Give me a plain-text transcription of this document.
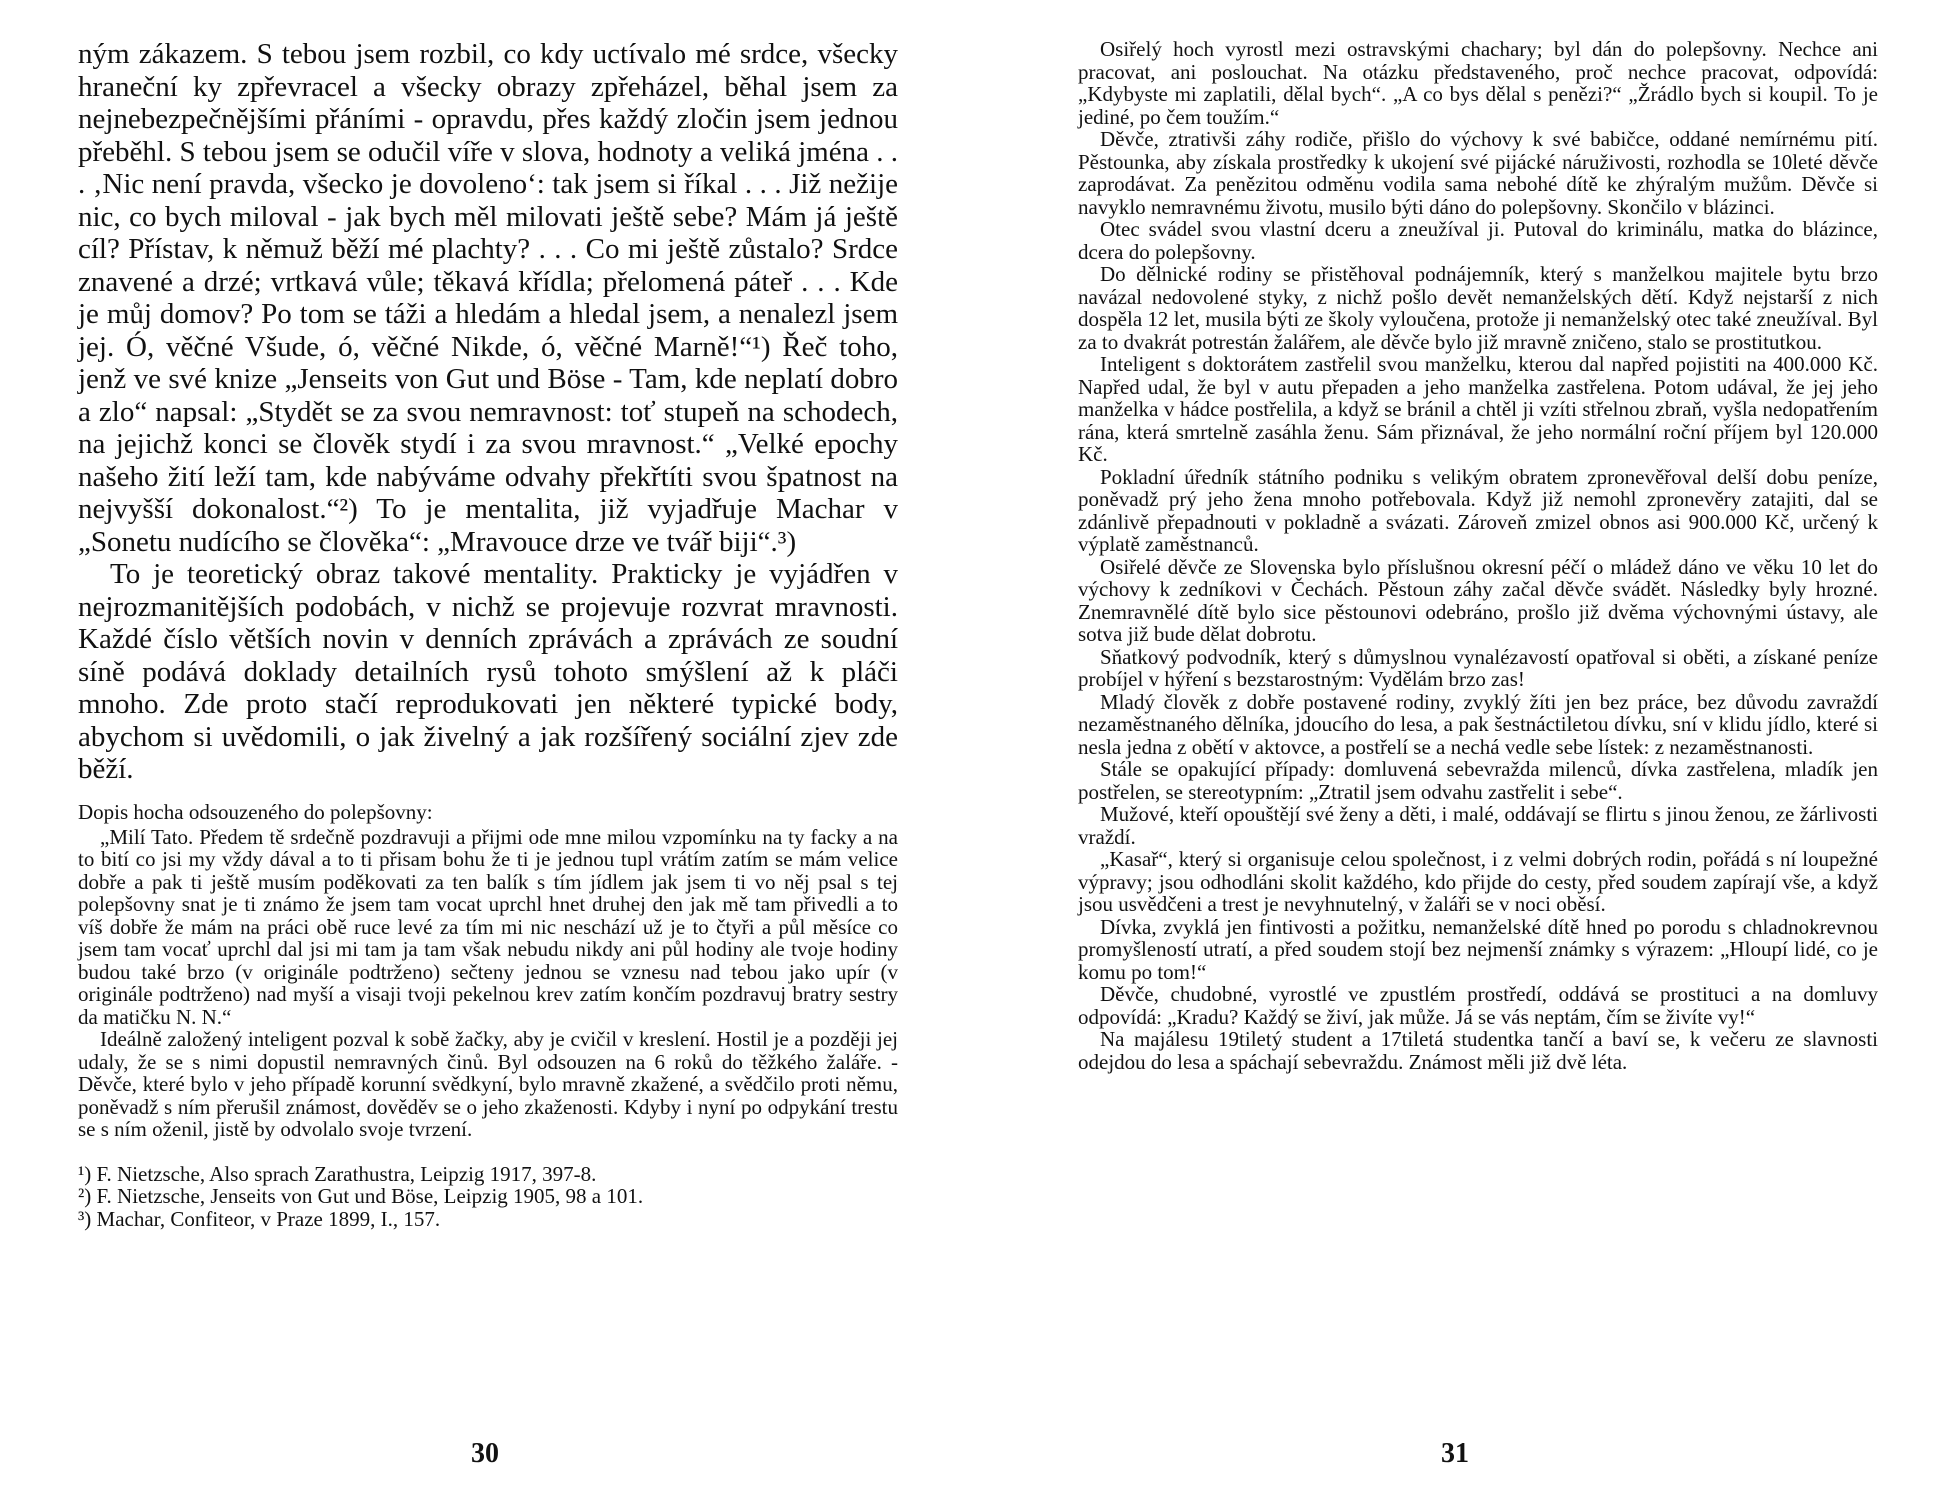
ným zákazem. S tebou jsem rozbil, co kdy uctívalo mé srdce, všecky hraneční ky zpřevracel a všecky obrazy zpřeházel, běhal jsem za nejnebezpečnějšími přáními - opravdu, přes každý zločin jsem jednou přeběhl. S tebou jsem se odučil víře v slova, hodnoty a veliká jména . . . ‚Nic není pravda, všecko je dovoleno‘: tak jsem si říkal . . . Již nežije nic, co bych miloval - jak bych měl milovati ještě sebe? Mám já ještě cíl? Přístav, k němuž běží mé plachty? . . . Co mi ještě zůstalo? Srdce znavené a drzé; vrtkavá vůle; těkavá křídla; přelomená páteř . . . Kde je můj domov? Po tom se táži a hledám a hledal jsem, a nenalezl jsem jej. Ó, věčné Všude, ó, věčné Nikde, ó, věčné Marně!“¹) Řeč toho, jenž ve své knize „Jenseits von Gut und Böse - Tam, kde neplatí dobro a zlo“ napsal: „Stydět se za svou nemravnost: toť stupeň na schodech, na jejichž konci se člověk stydí i za svou mravnost.“ „Velké epochy našeho žití leží tam, kde nabýváme odvahy překřtíti svou špatnost na nejvyšší dokonalost.“²) To je mentalita, již vyjadřuje Machar v „Sonetu nudícího se člověka“: „Mravouce drze ve tvář biji“.³)

To je teoretický obraz takové mentality. Prakticky je vyjádřen v nejrozmanitějších podobách, v nichž se projevuje rozvrat mravnosti. Každé číslo větších novin v denních zprávách a zprávách ze soudní síně podává doklady detailních rysů tohoto smýšlení až k pláči mnoho. Zde proto stačí reprodukovati jen některé typické body, abychom si uvědomili, o jak živelný a jak rozšířený sociální zjev zde běží.

Dopis hocha odsouzeného do polepšovny:

„Milí Tato. Předem tě srdečně pozdravuji a přijmi ode mne milou vzpomínku na ty facky a na to bití co jsi my vždy dával a to ti přisam bohu že ti je jednou tupl vrátím zatím se mám velice dobře a pak ti ještě musím poděkovati za ten balík s tím jídlem jak jsem ti vo něj psal s tej polepšovny snat je ti známo že jsem tam vocat uprchl hnet druhej den jak mě tam přivedli a to víš dobře že mám na práci obě ruce levé za tím mi nic neschází už je to čtyři a půl měsíce co jsem tam vocať uprchl dal jsi mi tam ja tam však nebudu nikdy ani půl hodiny ale tvoje hodiny budou také brzo (v originále podtrženo) sečteny jednou se vznesu nad tebou jako upír (v originále podtrženo) nad myší a visaji tvoji pekelnou krev zatím končím pozdravuj bratry sestry da matičku N. N.“

Ideálně založený inteligent pozval k sobě žačky, aby je cvičil v kreslení. Hostil je a později jej udaly, že se s nimi dopustil nemravných činů. Byl odsouzen na 6 roků do těžkého žaláře. - Děvče, které bylo v jeho případě korunní svědkyní, bylo mravně zkažené, a svědčilo proti němu, poněvadž s ním přerušil známost, dověděv se o jeho zkaženosti. Kdyby i nyní po odpykání trestu se s ním oženil, jistě by odvolalo svoje tvrzení.

¹) F. Nietzsche, Also sprach Zarathustra, Leipzig 1917, 397-8.

²) F. Nietzsche, Jenseits von Gut und Böse, Leipzig 1905, 98 a 101.

³) Machar, Confiteor, v Praze 1899, I., 157.

30

Osiřelý hoch vyrostl mezi ostravskými chachary; byl dán do polepšovny. Nechce ani pracovat, ani poslouchat. Na otázku představeného, proč nechce pracovat, odpovídá: „Kdybyste mi zaplatili, dělal bych“. „A co bys dělal s penězi?“ „Žrádlo bych si koupil. To je jediné, po čem toužím.“

Děvče, ztrativši záhy rodiče, přišlo do výchovy k své babičce, oddané nemírnému pití. Pěstounka, aby získala prostředky k ukojení své pijácké náruživosti, rozhodla se 10leté děvče zaprodávat. Za penězitou odměnu vodila sama nebohé dítě ke zhýralým mužům. Děvče si navyklo nemravnému životu, musilo býti dáno do polepšovny. Skončilo v blázinci.

Otec svádel svou vlastní dceru a zneužíval ji. Putoval do kriminálu, matka do blázince, dcera do polepšovny.

Do dělnické rodiny se přistěhoval podnájemník, který s manželkou majitele bytu brzo navázal nedovolené styky, z nichž pošlo devět nemanželských dětí. Když nejstarší z nich dospěla 12 let, musila býti ze školy vyloučena, protože ji nemanželský otec také zneužíval. Byl za to dvakrát potrestán žalářem, ale děvče bylo již mravně zničeno, stalo se prostitutkou.

Inteligent s doktorátem zastřelil svou manželku, kterou dal napřed pojistiti na 400.000 Kč. Napřed udal, že byl v autu přepaden a jeho manželka zastřelena. Potom udával, že jej jeho manželka v hádce postřelila, a když se bránil a chtěl ji vzíti střelnou zbraň, vyšla nedopatřením rána, která smrtelně zasáhla ženu. Sám přiznával, že jeho normální roční příjem byl 120.000 Kč.

Pokladní úředník státního podniku s velikým obratem zpronevěřoval delší dobu peníze, poněvadž prý jeho žena mnoho potřebovala. Když již nemohl zpronevěry zatajiti, dal se zdánlivě přepadnouti v pokladně a svázati. Zároveň zmizel obnos asi 900.000 Kč, určený k výplatě zaměstnanců.

Osiřelé děvče ze Slovenska bylo příslušnou okresní péčí o mládež dáno ve věku 10 let do výchovy k zedníkovi v Čechách. Pěstoun záhy začal děvče svádět. Následky byly hrozné. Znemravnělé dítě bylo sice pěstounovi odebráno, prošlo již dvěma výchovnými ústavy, ale sotva již bude dělat dobrotu.

Sňatkový podvodník, který s důmyslnou vynalézavostí opatřoval si oběti, a získané peníze probíjel v hýření s bezstarostným: Vydělám brzo zas!

Mladý člověk z dobře postavené rodiny, zvyklý žíti jen bez práce, bez důvodu zavraždí nezaměstnaného dělníka, jdoucího do lesa, a pak šestnáctiletou dívku, sní v klidu jídlo, které si nesla jedna z obětí v aktovce, a postřelí se a nechá vedle sebe lístek: z nezaměstnanosti.

Stále se opakující případy: domluvená sebevražda milenců, dívka zastřelena, mladík jen postřelen, se stereotypním: „Ztratil jsem odvahu zastřelit i sebe“.

Mužové, kteří opouštějí své ženy a děti, i malé, oddávají se flirtu s jinou ženou, ze žárlivosti vraždí.

„Kasař“, který si organisuje celou společnost, i z velmi dobrých rodin, pořádá s ní loupežné výpravy; jsou odhodláni skolit každého, kdo přijde do cesty, před soudem zapírají vše, a když jsou usvědčeni a trest je nevyhnutelný, v žaláři se v noci oběsí.

Dívka, zvyklá jen fintivosti a požitku, nemanželské dítě hned po porodu s chladnokrevnou promyšleností utratí, a před soudem stojí bez nejmenší známky s výrazem: „Hloupí lidé, co je komu po tom!“

Děvče, chudobné, vyrostlé ve zpustlém prostředí, oddává se prostituci a na domluvy odpovídá: „Kradu? Každý se živí, jak může. Já se vás neptám, čím se živíte vy!“

Na majálesu 19tiletý student a 17tiletá studentka tančí a baví se, k večeru ze slavnosti odejdou do lesa a spáchají sebevraždu. Známost měli již dvě léta.

31
